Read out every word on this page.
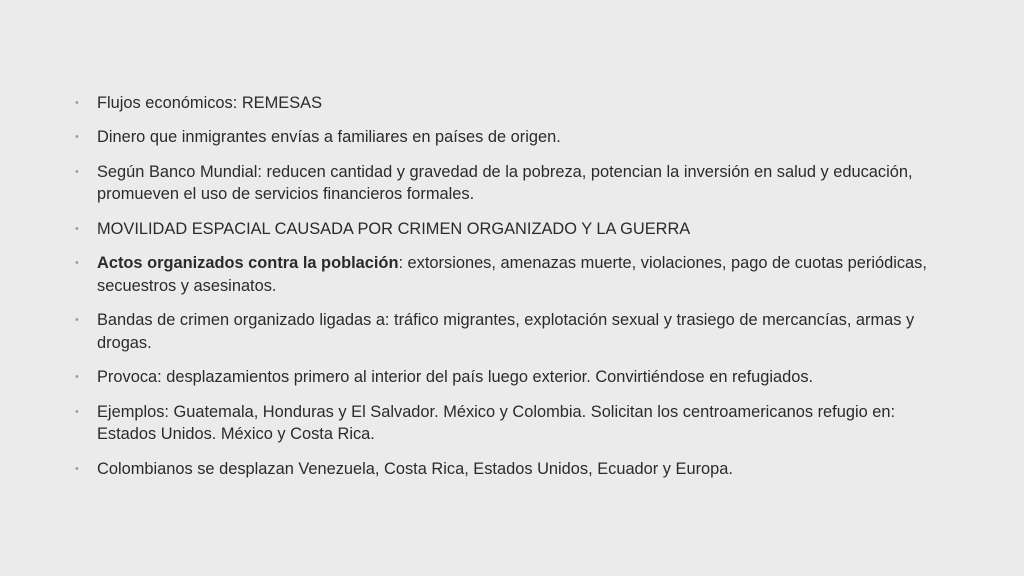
• Flujos económicos: REMESAS
• Dinero que inmigrantes envías a familiares en países de origen.
• Según Banco Mundial: reducen cantidad y gravedad de la pobreza, potencian la inversión en salud y educación, promueven el uso de servicios financieros formales.
• MOVILIDAD ESPACIAL CAUSADA POR CRIMEN ORGANIZADO Y LA GUERRA
• Actos organizados contra la población: extorsiones, amenazas muerte, violaciones, pago de cuotas periódicas, secuestros y asesinatos.
• Bandas de crimen organizado ligadas a: tráfico migrantes, explotación sexual y trasiego de mercancías, armas y drogas.
• Provoca: desplazamientos primero al interior del país luego exterior. Convirtiéndose en refugiados.
• Ejemplos: Guatemala, Honduras y El Salvador. México y Colombia. Solicitan los centroamericanos refugio en: Estados Unidos. México y Costa Rica.
• Colombianos se desplazan Venezuela, Costa Rica, Estados Unidos, Ecuador y Europa.
